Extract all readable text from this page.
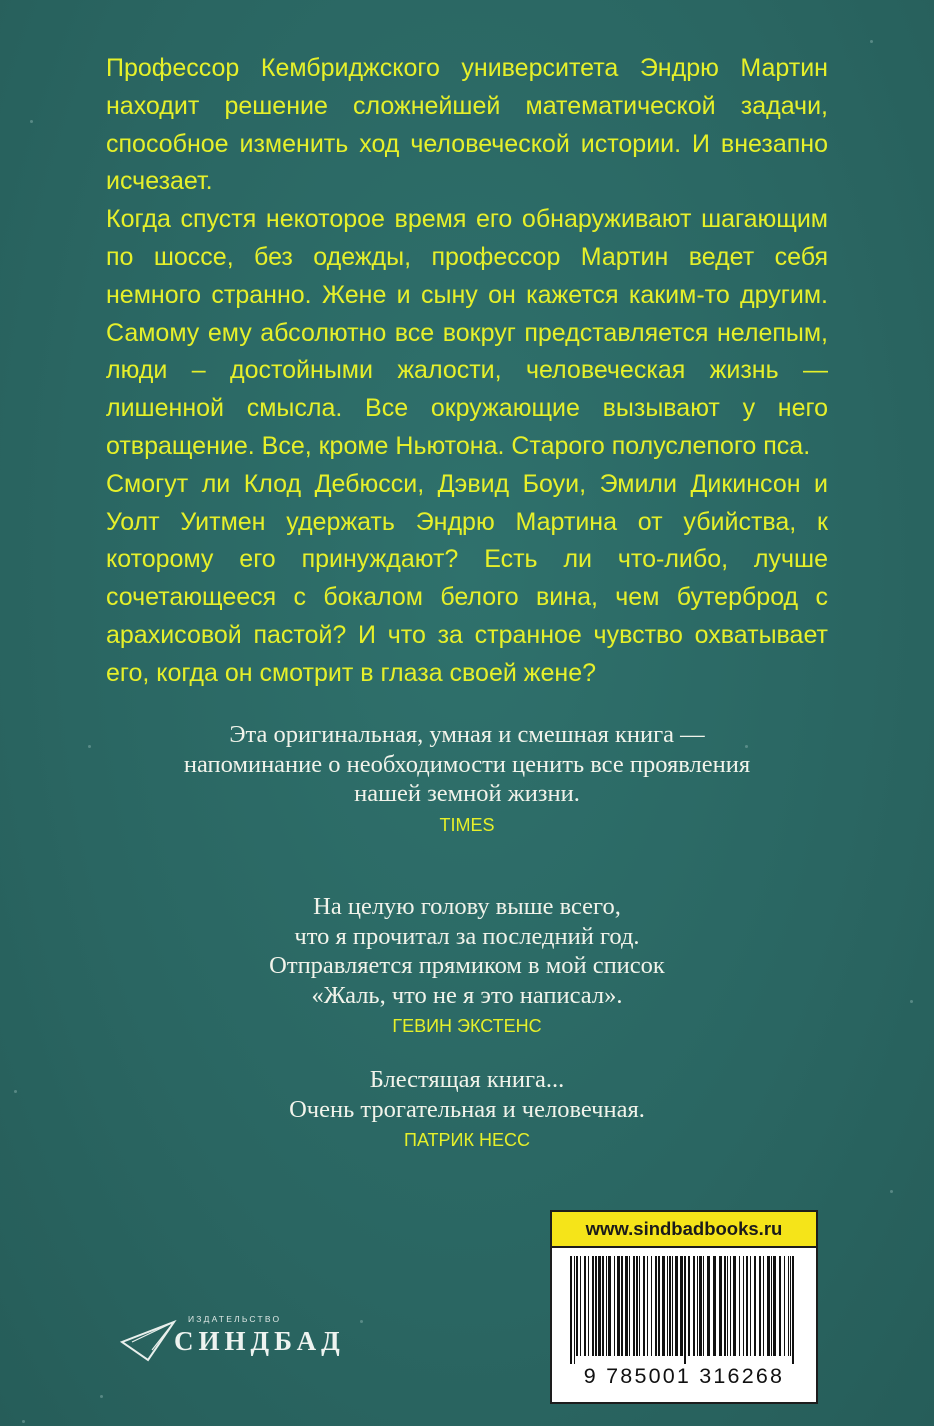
Профессор Кембриджского университета Эндрю Мартин находит решение сложнейшей математической задачи, способное изменить ход человеческой истории. И внезапно исчезает.

Когда спустя некоторое время его обнаруживают шагающим по шоссе, без одежды, профессор Мартин ведет себя немного странно. Жене и сыну он кажется каким-то другим. Самому ему абсолютно все вокруг представляется нелепым, люди – достойными жалости, человеческая жизнь — лишенной смысла. Все окружающие вызывают у него отвращение. Все, кроме Ньютона. Старого полуслепого пса.

Смогут ли Клод Дебюсси, Дэвид Боуи, Эмили Дикинсон и Уолт Уитмен удержать Эндрю Мартина от убийства, к которому его принуждают? Есть ли что-либо, лучше сочетающееся с бокалом белого вина, чем бутерброд с арахисовой пастой? И что за странное чувство охватывает его, когда он смотрит в глаза своей жене?

Эта оригинальная, умная и смешная книга —
напоминание о необходимости ценить все проявления
нашей земной жизни.
TIMES
На целую голову выше всего,
что я прочитал за последний год.
Отправляется прямиком в мой список
«Жаль, что не я это написал».
ГЕВИН ЭКСТЕНС
Блестящая книга...
Очень трогательная и человечная.
ПАТРИК НЕСС
ИЗДАТЕЛЬСТВО
СИНДБАД
www.sindbadbooks.ru
9 785001 316268
